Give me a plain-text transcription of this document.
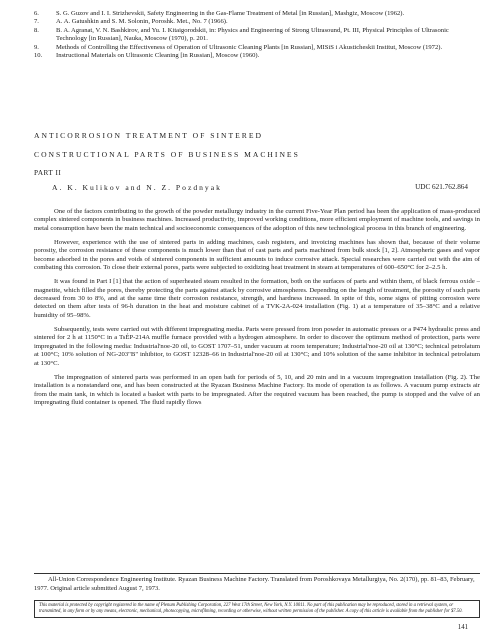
6.	S. G. Guzov and I. I. Strizhevskii, Safety Engineering in the Gas-Flame Treatment of Metal [in Russian], Mashgiz, Moscow (1962).
7.	A. A. Gatushkin and S. M. Solonin, Poroshk. Met., No. 7 (1966).
8.	B. A. Agranat, V. N. Bashkirov, and Yu. I. Kitaigorodskii, in: Physics and Engineering of Strong Ultrasound, Pt. III, Physical Principles of Ultrasonic Technology [in Russian], Nauka, Moscow (1970), p. 201.
9.	Methods of Controlling the Effectiveness of Operation of Ultrasonic Cleaning Plants [in Russian], MISiS i Akusticheskii Institut, Moscow (1972).
10.	Instructional Materials on Ultrasonic Cleaning [in Russian], Moscow (1960).
ANTICORROSION TREATMENT OF SINTERED
CONSTRUCTIONAL PARTS OF BUSINESS MACHINES
PART II
A. K. Kulikov and N. Z. Pozdnyak	UDC 621.762.864

One of the factors contributing to the growth of the powder metallurgy industry in the current Five-Year Plan period has been the application of mass-produced complex sintered components in business machines. Increased productivity, improved working conditions, more efficient employment of machine tools, and savings in metal consumption have been the main technical and socioeconomic consequences of the adoption of this new technological process in this branch of engineering.

However, experience with the use of sintered parts in adding machines, cash registers, and invoicing machines has shown that, because of their volume porosity, the corrosion resistance of these components is much lower than that of cast parts and parts machined from bulk stock [1, 2]. Atmospheric gases and vapor become adsorbed in the pores and voids of sintered components in sufficient amounts to induce corrosive attack. Special researches were carried out with the aim of combating this corrosion. To close their external pores, parts were subjected to oxidizing heat treatment in steam at temperatures of 600–650°C for 2–2.5 h.

It was found in Part I [1] that the action of superheated steam resulted in the formation, both on the surfaces of parts and within them, of black ferrous oxide – magnetite, which filled the pores, thereby protecting the parts against attack by corrosive atmospheres. Depending on the length of treatment, the porosity of such parts decreased from 30 to 8%, and at the same time their corrosion resistance, strength, and hardness increased. In spite of this, some signs of pitting corrosion were detected on them after tests of 96-h duration in the heat and moisture cabinet of a TVK-2A-024 installation (Fig. 1) at a temperature of 35–38°C and a relative humidity of 95–98%.

Subsequently, tests were carried out with different impregnating media. Parts were pressed from iron powder in automatic presses or a P474 hydraulic press and sintered for 2 h at 1150°C in a TsÉP-214A muffle furnace provided with a hydrogen atmosphere. In order to discover the optimum method of protection, parts were impregnated in the following media: Industrial'noe-20 oil, to GOST 1707–51, under vacuum at room temperature; Industrial'noe-20 oil at 130°C; technical petrolatum at 100°C; 10% solution of NG-203"B" inhibitor, to GOST 12328–66 in Industrial'noe-20 oil at 130°C; and 10% solution of the same inhibitor in technical petrolatum at 130°C.

The impregnation of sintered parts was performed in an open bath for periods of 5, 10, and 20 min and in a vacuum impregnation installation (Fig. 2). The installation is a nonstandard one, and has been constructed at the Ryazan Business Machine Factory. Its mode of operation is as follows. A vacuum pump extracts air from the main tank, in which is located a basket with parts to be impregnated. After the required vacuum has been reached, the pump is stopped and the valve of an impregnating fluid container is opened. The fluid rapidly flows

All-Union Correspondence Engineering Institute. Ryazan Business Machine Factory. Translated from Poroshkovaya Metallurgiya, No. 2(170), pp. 81–83, February, 1977. Original article submitted August 7, 1973.

This material is protected by copyright registered in the name of Plenum Publishing Corporation, 227 West 17th Street, New York, N.Y. 10011. No part of this publication may be reproduced, stored in a retrieval system, or transmitted, in any form or by any means, electronic, mechanical, photocopying, microfilming, recording or otherwise, without written permission of the publisher. A copy of this article is available from the publisher for $7.50.
141
